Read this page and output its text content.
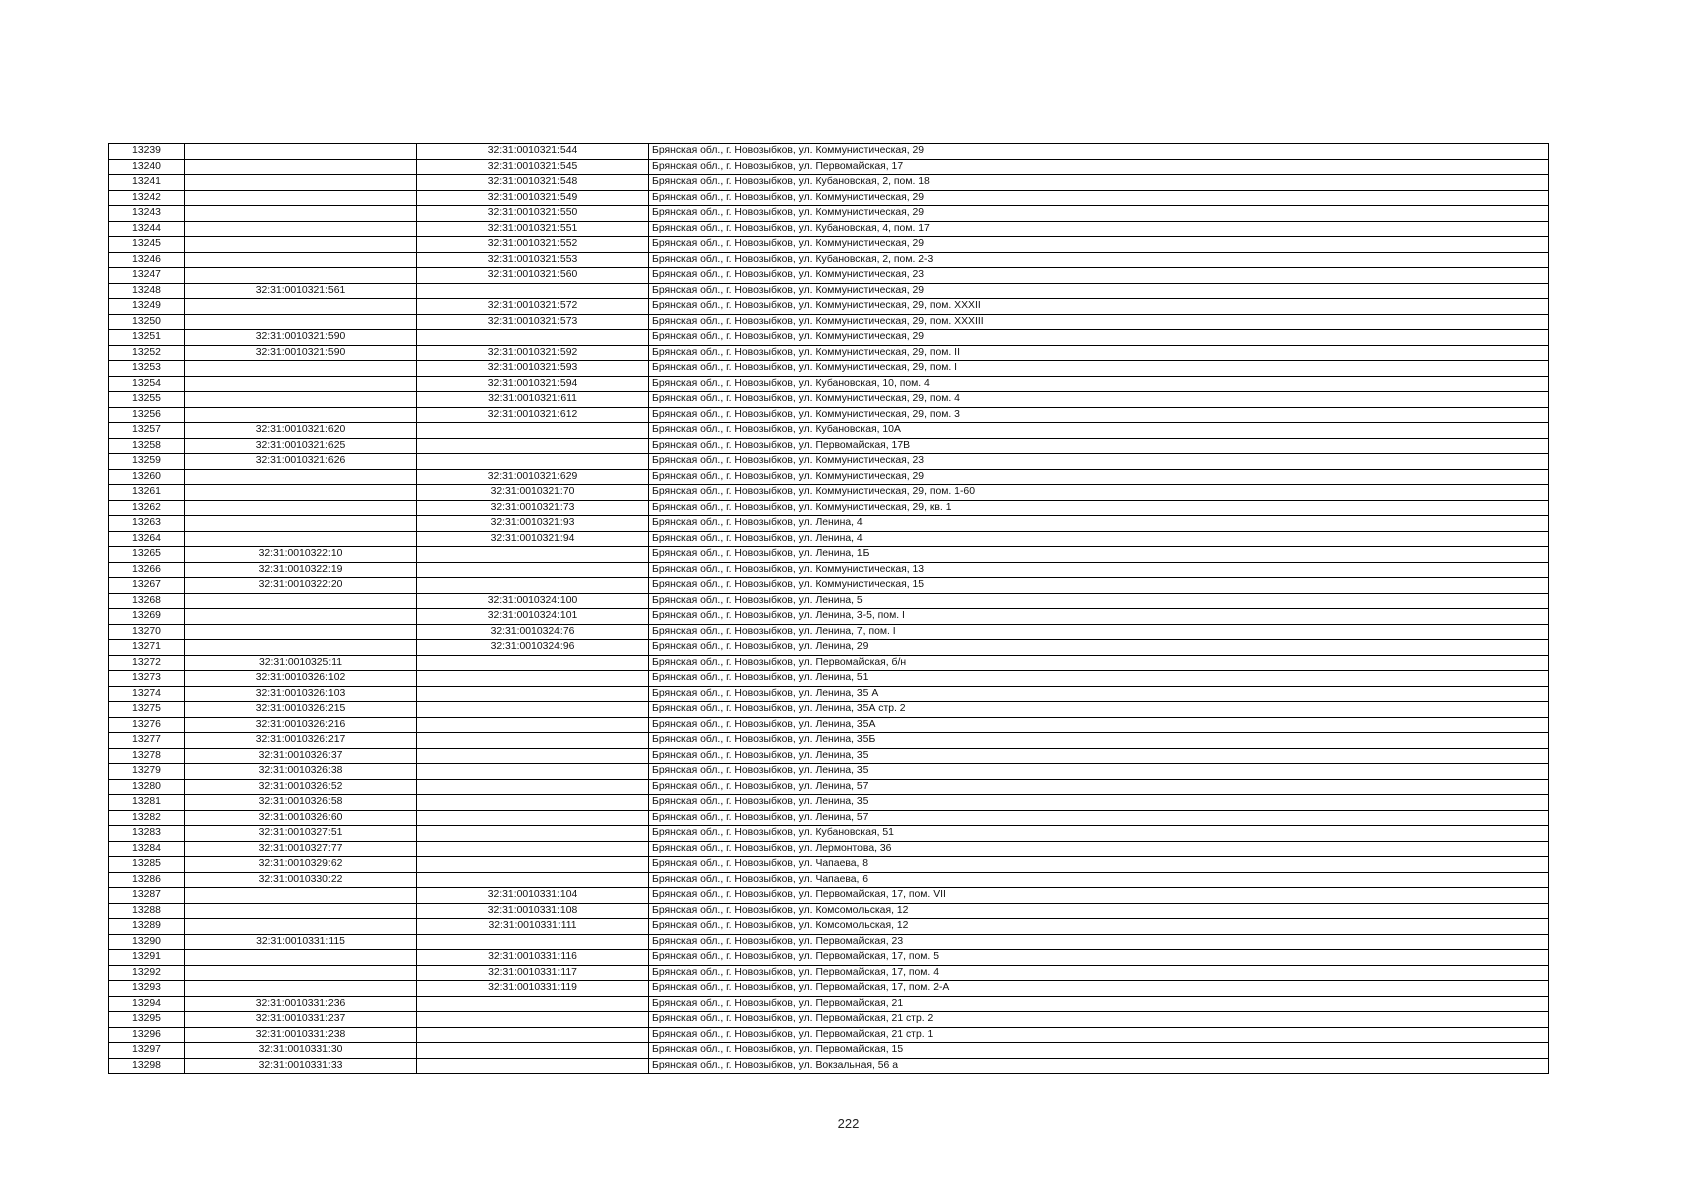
13239		32:31:0010321:544	Брянская обл., г. Новозыбков, ул. Коммунистическая, 29
13240		32:31:0010321:545	Брянская обл., г. Новозыбков, ул. Первомайская, 17
13241		32:31:0010321:548	Брянская обл., г. Новозыбков, ул. Кубановская, 2, пом. 18
13242		32:31:0010321:549	Брянская обл., г. Новозыбков, ул. Коммунистическая, 29
13243		32:31:0010321:550	Брянская обл., г. Новозыбков, ул. Коммунистическая, 29
13244		32:31:0010321:551	Брянская обл., г. Новозыбков, ул. Кубановская, 4, пом. 17
13245		32:31:0010321:552	Брянская обл., г. Новозыбков, ул. Коммунистическая, 29
13246		32:31:0010321:553	Брянская обл., г. Новозыбков, ул. Кубановская, 2, пом. 2-3
13247		32:31:0010321:560	Брянская обл., г. Новозыбков, ул. Коммунистическая, 23
13248	32:31:0010321:561		Брянская обл., г. Новозыбков, ул. Коммунистическая, 29
13249		32:31:0010321:572	Брянская обл., г. Новозыбков, ул. Коммунистическая, 29, пом. XXXII
13250		32:31:0010321:573	Брянская обл., г. Новозыбков, ул. Коммунистическая, 29, пом. XXXIII
13251	32:31:0010321:590		Брянская обл., г. Новозыбков, ул. Коммунистическая, 29
13252	32:31:0010321:590	32:31:0010321:592	Брянская обл., г. Новозыбков, ул. Коммунистическая, 29, пом. II
13253		32:31:0010321:593	Брянская обл., г. Новозыбков, ул. Коммунистическая, 29, пом. I
13254		32:31:0010321:594	Брянская обл., г. Новозыбков, ул. Кубановская, 10, пом. 4
13255		32:31:0010321:611	Брянская обл., г. Новозыбков, ул. Коммунистическая, 29, пом. 4
13256		32:31:0010321:612	Брянская обл., г. Новозыбков, ул. Коммунистическая, 29, пом. 3
13257	32:31:0010321:620		Брянская обл., г. Новозыбков, ул. Кубановская, 10А
13258	32:31:0010321:625		Брянская обл., г. Новозыбков, ул. Первомайская, 17В
13259	32:31:0010321:626		Брянская обл., г. Новозыбков, ул. Коммунистическая, 23
13260		32:31:0010321:629	Брянская обл., г. Новозыбков, ул. Коммунистическая, 29
13261		32:31:0010321:70	Брянская обл., г. Новозыбков, ул. Коммунистическая, 29, пом. 1-60
13262		32:31:0010321:73	Брянская обл., г. Новозыбков, ул. Коммунистическая, 29, кв. 1
13263		32:31:0010321:93	Брянская обл., г. Новозыбков, ул. Ленина, 4
13264		32:31:0010321:94	Брянская обл., г. Новозыбков, ул. Ленина, 4
13265	32:31:0010322:10		Брянская обл., г. Новозыбков, ул. Ленина, 1Б
13266	32:31:0010322:19		Брянская обл., г. Новозыбков, ул. Коммунистическая, 13
13267	32:31:0010322:20		Брянская обл., г. Новозыбков, ул. Коммунистическая, 15
13268		32:31:0010324:100	Брянская обл., г. Новозыбков, ул. Ленина, 5
13269		32:31:0010324:101	Брянская обл., г. Новозыбков, ул. Ленина, 3-5, пом. I
13270		32:31:0010324:76	Брянская обл., г. Новозыбков, ул. Ленина, 7, пом. I
13271		32:31:0010324:96	Брянская обл., г. Новозыбков, ул. Ленина, 29
13272	32:31:0010325:11		Брянская обл., г. Новозыбков, ул. Первомайская, б/н
13273	32:31:0010326:102		Брянская обл., г. Новозыбков, ул. Ленина, 51
13274	32:31:0010326:103		Брянская обл., г. Новозыбков, ул. Ленина, 35 А
13275	32:31:0010326:215		Брянская обл., г. Новозыбков, ул. Ленина, 35А стр. 2
13276	32:31:0010326:216		Брянская обл., г. Новозыбков, ул. Ленина, 35А
13277	32:31:0010326:217		Брянская обл., г. Новозыбков, ул. Ленина, 35Б
13278	32:31:0010326:37		Брянская обл., г. Новозыбков, ул. Ленина, 35
13279	32:31:0010326:38		Брянская обл., г. Новозыбков, ул. Ленина, 35
13280	32:31:0010326:52		Брянская обл., г. Новозыбков, ул. Ленина, 57
13281	32:31:0010326:58		Брянская обл., г. Новозыбков, ул. Ленина, 35
13282	32:31:0010326:60		Брянская обл., г. Новозыбков, ул. Ленина, 57
13283	32:31:0010327:51		Брянская обл., г. Новозыбков, ул. Кубановская, 51
13284	32:31:0010327:77		Брянская обл., г. Новозыбков, ул. Лермонтова, 36
13285	32:31:0010329:62		Брянская обл., г. Новозыбков, ул. Чапаева, 8
13286	32:31:0010330:22		Брянская обл., г. Новозыбков, ул. Чапаева, 6
13287		32:31:0010331:104	Брянская обл., г. Новозыбков, ул. Первомайская, 17, пом. VII
13288		32:31:0010331:108	Брянская обл., г. Новозыбков, ул. Комсомольская, 12
13289		32:31:0010331:111	Брянская обл., г. Новозыбков, ул. Комсомольская, 12
13290	32:31:0010331:115		Брянская обл., г. Новозыбков, ул. Первомайская, 23
13291		32:31:0010331:116	Брянская обл., г. Новозыбков, ул. Первомайская, 17, пом. 5
13292		32:31:0010331:117	Брянская обл., г. Новозыбков, ул. Первомайская, 17, пом. 4
13293		32:31:0010331:119	Брянская обл., г. Новозыбков, ул. Первомайская, 17, пом. 2-А
13294	32:31:0010331:236		Брянская обл., г. Новозыбков, ул. Первомайская, 21
13295	32:31:0010331:237		Брянская обл., г. Новозыбков, ул. Первомайская, 21 стр. 2
13296	32:31:0010331:238		Брянская обл., г. Новозыбков, ул. Первомайская, 21 стр. 1
13297	32:31:0010331:30		Брянская обл., г. Новозыбков, ул. Первомайская, 15
13298	32:31:0010331:33		Брянская обл., г. Новозыбков, ул. Вокзальная, 56 а
222
